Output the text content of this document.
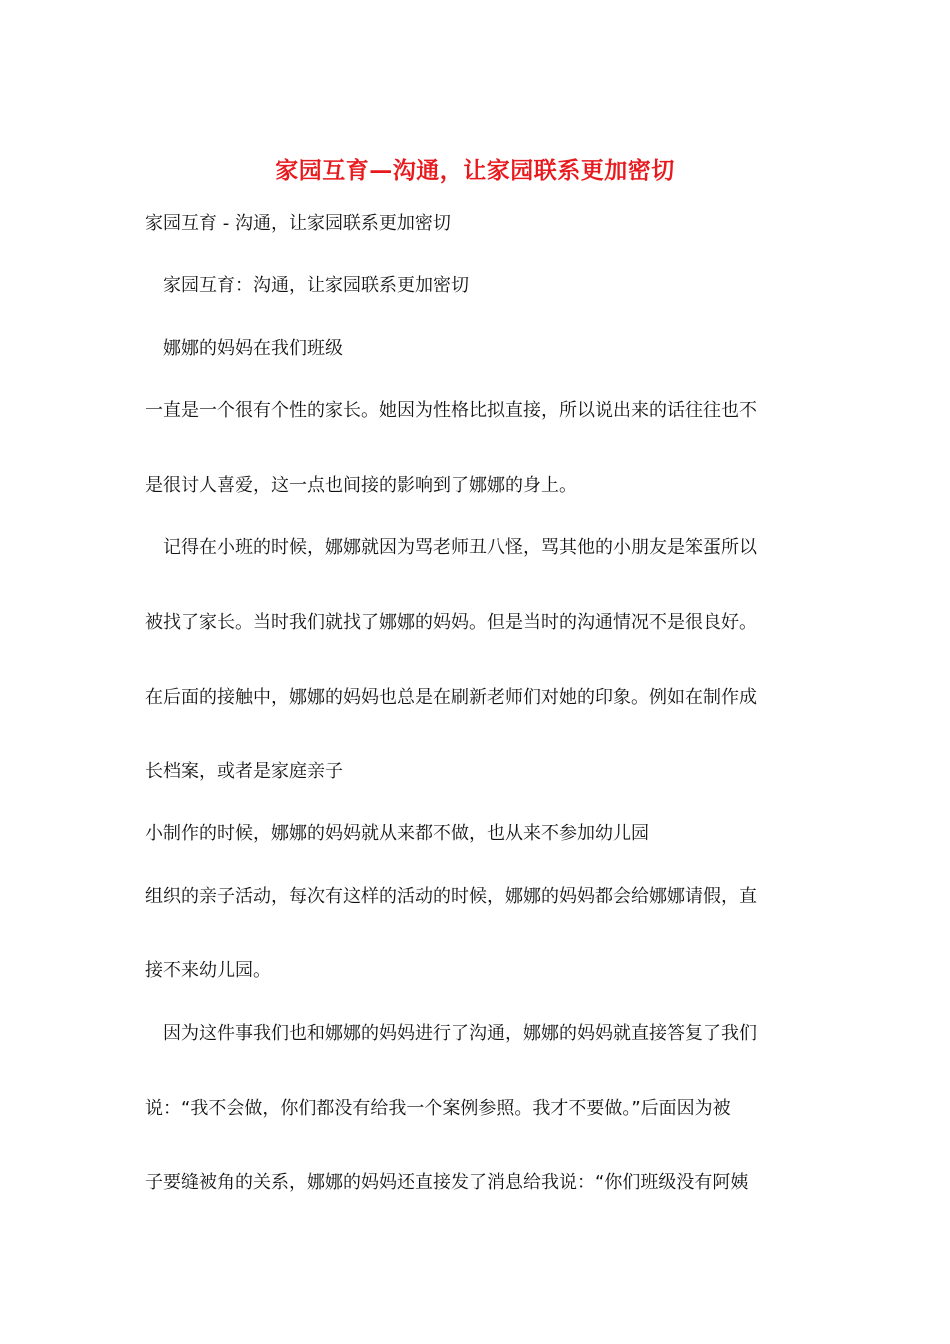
家园互育—沟通，让家园联系更加密切
家园互育 - 沟通，让家园联系更加密切
家园互育：沟通，让家园联系更加密切
娜娜的妈妈在我们班级
一直是一个很有个性的家长。她因为性格比拟直接，所以说出来的话往往也不
是很讨人喜爱，这一点也间接的影响到了娜娜的身上。
记得在小班的时候，娜娜就因为骂老师丑八怪，骂其他的小朋友是笨蛋所以
被找了家长。当时我们就找了娜娜的妈妈。但是当时的沟通情况不是很良好。
在后面的接触中，娜娜的妈妈也总是在刷新老师们对她的印象。例如在制作成
长档案，或者是家庭亲子
小制作的时候，娜娜的妈妈就从来都不做，也从来不参加幼儿园
组织的亲子活动，每次有这样的活动的时候，娜娜的妈妈都会给娜娜请假，直
接不来幼儿园。
因为这件事我们也和娜娜的妈妈进行了沟通，娜娜的妈妈就直接答复了我们
说：“我不会做，你们都没有给我一个案例参照。我才不要做。”后面因为被
子要缝被角的关系，娜娜的妈妈还直接发了消息给我说：“你们班级没有阿姨
